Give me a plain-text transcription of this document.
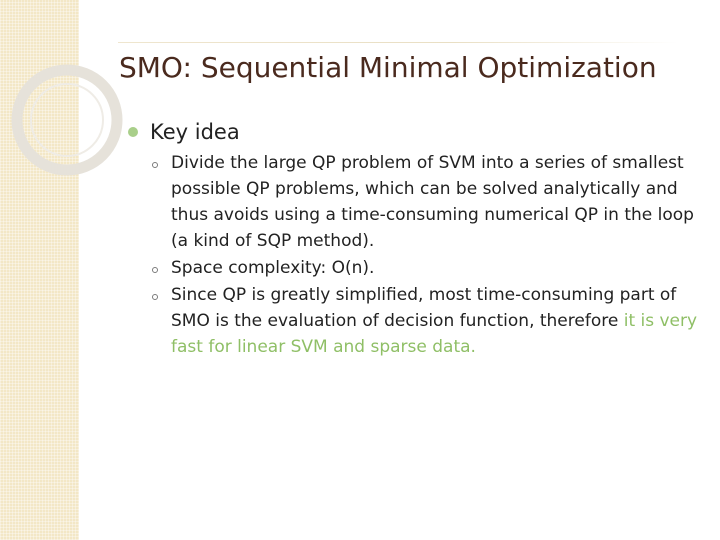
SMO: Sequential Minimal Optimization
Key idea
Divide the large QP problem of SVM into a series of smallest possible QP problems, which can be solved analytically and thus avoids using a time-consuming numerical QP in the loop (a kind of SQP method).
Space complexity: O(n).
Since QP is greatly simplified, most time-consuming part of SMO is the evaluation of decision function, therefore it is very fast for linear SVM and sparse data.
